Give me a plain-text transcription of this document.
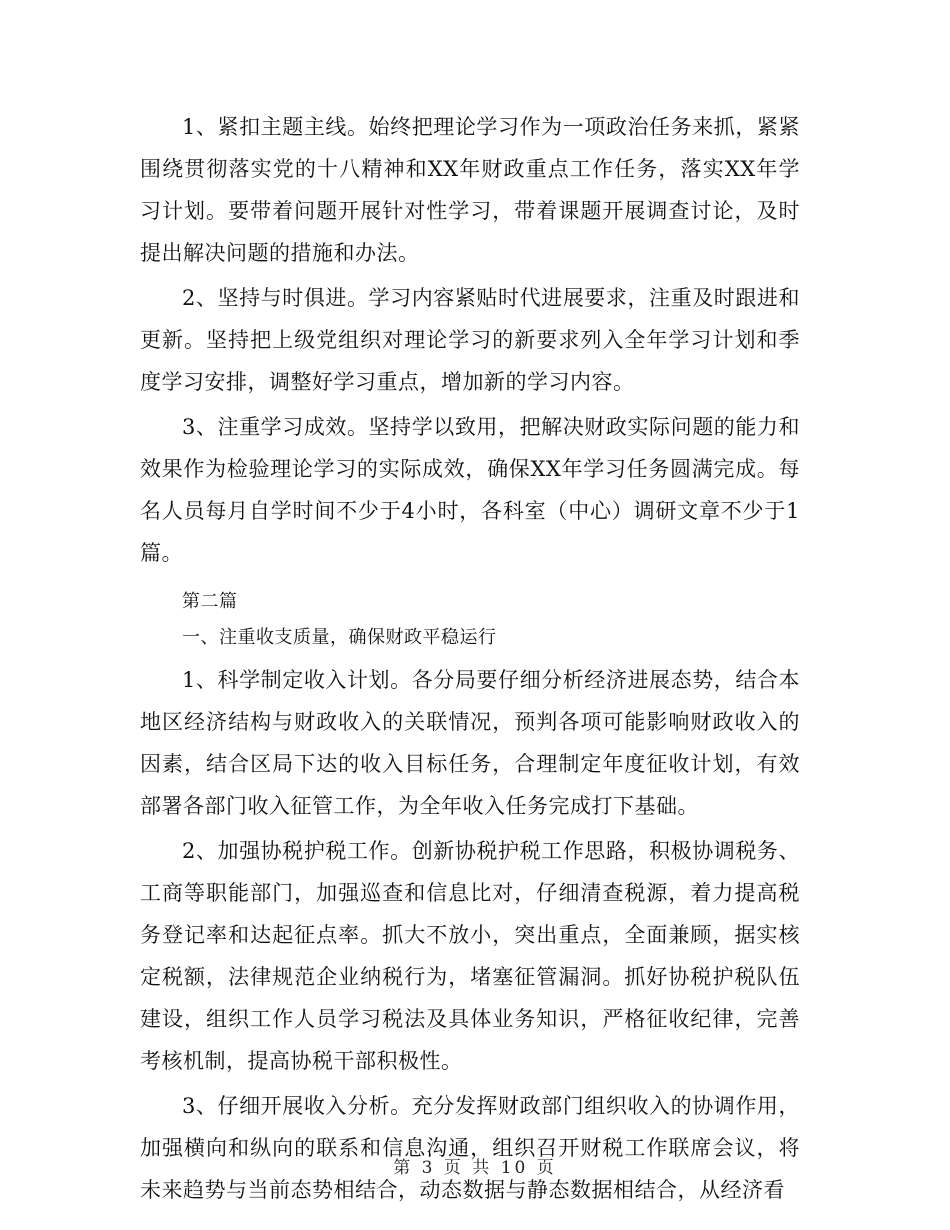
1、紧扣主题主线。始终把理论学习作为一项政治任务来抓，紧紧围绕贯彻落实党的十八精神和XX年财政重点工作任务，落实XX年学习计划。要带着问题开展针对性学习，带着课题开展调查讨论，及时提出解决问题的措施和办法。

2、坚持与时俱进。学习内容紧贴时代进展要求，注重及时跟进和更新。坚持把上级党组织对理论学习的新要求列入全年学习计划和季度学习安排，调整好学习重点，增加新的学习内容。

3、注重学习成效。坚持学以致用，把解决财政实际问题的能力和效果作为检验理论学习的实际成效，确保XX年学习任务圆满完成。每名人员每月自学时间不少于4小时，各科室（中心）调研文章不少于1篇。

第二篇

一、注重收支质量，确保财政平稳运行

1、科学制定收入计划。各分局要仔细分析经济进展态势，结合本地区经济结构与财政收入的关联情况，预判各项可能影响财政收入的因素，结合区局下达的收入目标任务，合理制定年度征收计划，有效部署各部门收入征管工作，为全年收入任务完成打下基础。

2、加强协税护税工作。创新协税护税工作思路，积极协调税务、工商等职能部门，加强巡查和信息比对，仔细清查税源，着力提高税务登记率和达起征点率。抓大不放小，突出重点，全面兼顾，据实核定税额，法律规范企业纳税行为，堵塞征管漏洞。抓好协税护税队伍建设，组织工作人员学习税法及具体业务知识，严格征收纪律，完善考核机制，提高协税干部积极性。

3、仔细开展收入分析。充分发挥财政部门组织收入的协调作用，加强横向和纵向的联系和信息沟通，组织召开财税工作联席会议，将未来趋势与当前态势相结合，动态数据与静态数据相结合，从经济看

第 3 页 共 10 页
